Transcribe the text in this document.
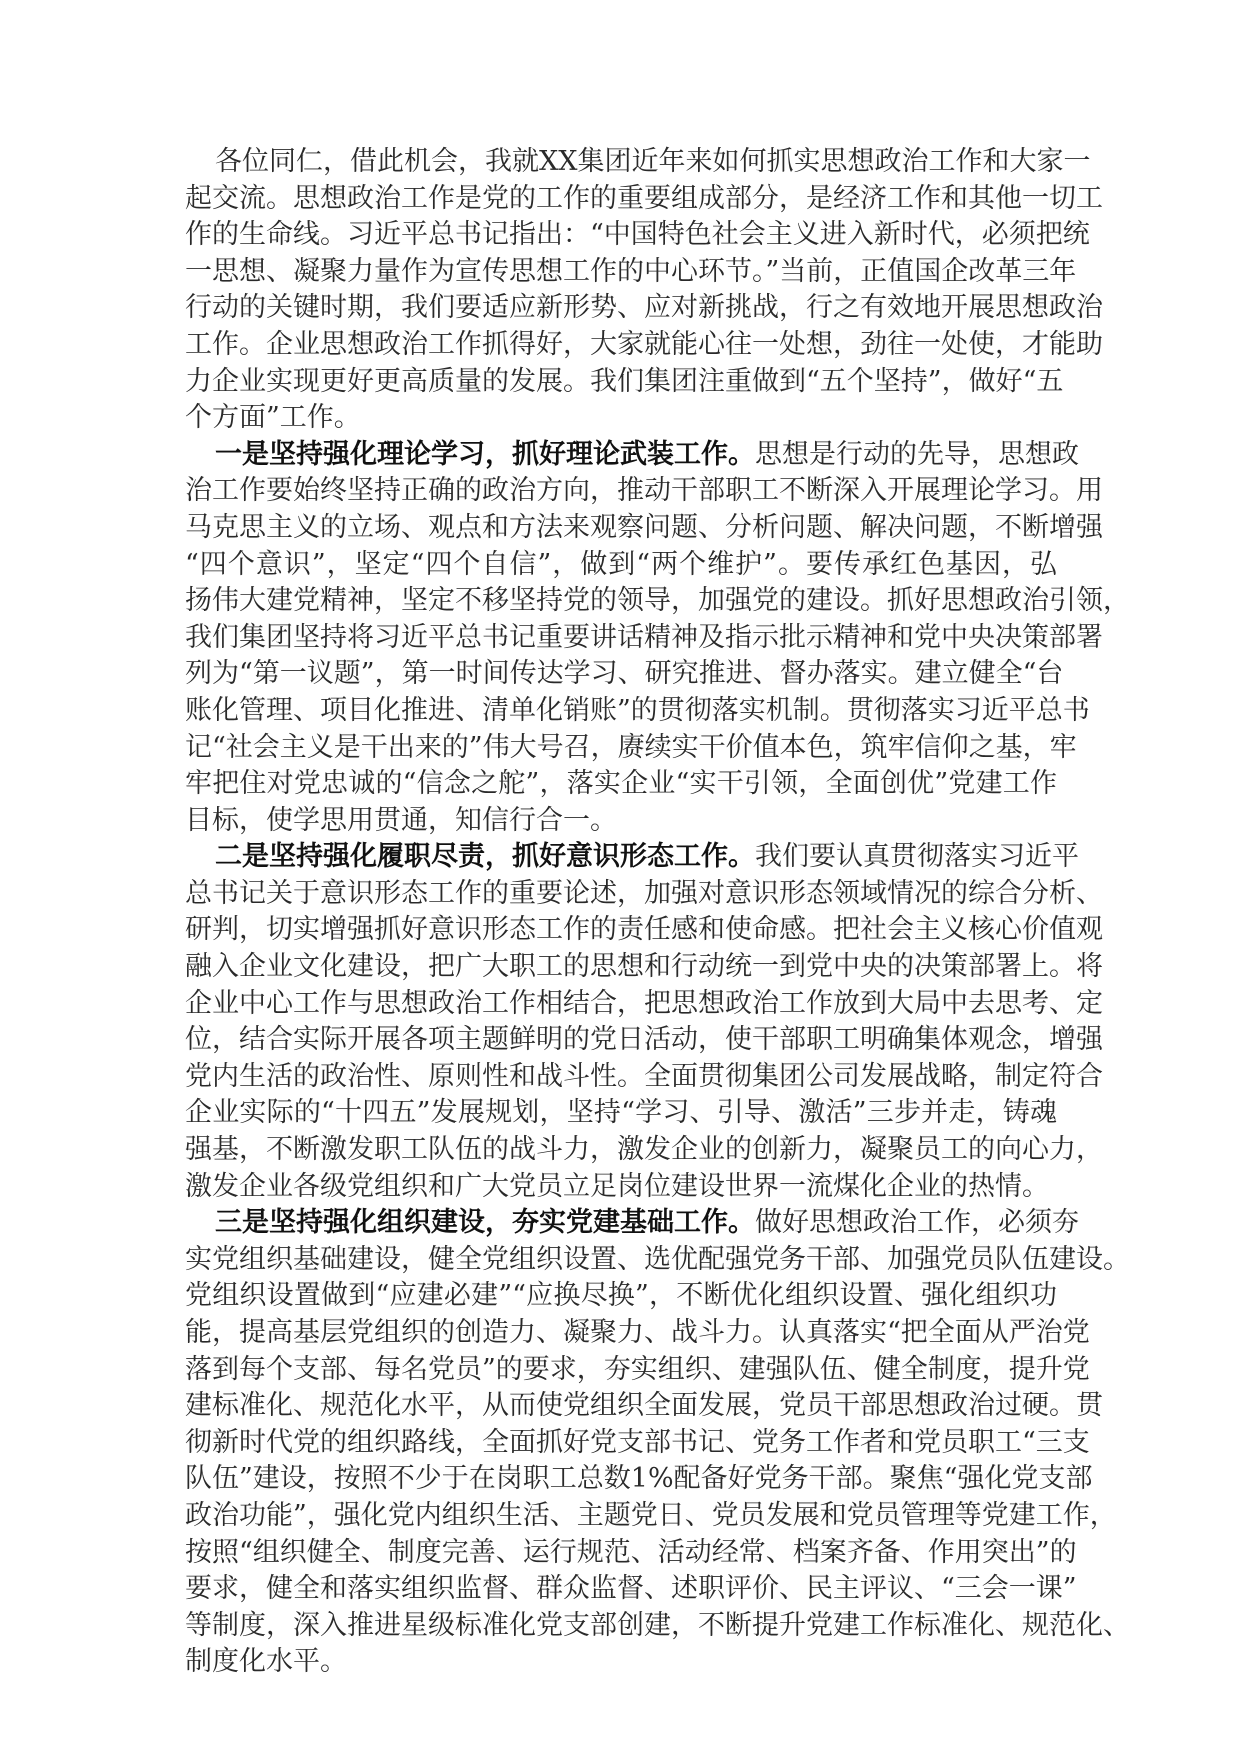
各位同仁，借此机会，我就XX集团近年来如何抓实思想政治工作和大家一
起交流。思想政治工作是党的工作的重要组成部分，是经济工作和其他一切工
作的生命线。习近平总书记指出：“中国特色社会主义进入新时代，必须把统
一思想、凝聚力量作为宣传思想工作的中心环节。”当前，正值国企改革三年
行动的关键时期，我们要适应新形势、应对新挑战，行之有效地开展思想政治
工作。企业思想政治工作抓得好，大家就能心往一处想，劲往一处使，才能助
力企业实现更好更高质量的发展。我们集团注重做到“五个坚持”，做好“五
个方面”工作。
一是坚持强化理论学习，抓好理论武装工作。思想是行动的先导，思想政
治工作要始终坚持正确的政治方向，推动干部职工不断深入开展理论学习。用
马克思主义的立场、观点和方法来观察问题、分析问题、解决问题，不断增强
“四个意识”，坚定“四个自信”，做到“两个维护”。要传承红色基因，弘
扬伟大建党精神，坚定不移坚持党的领导，加强党的建设。抓好思想政治引领，
我们集团坚持将习近平总书记重要讲话精神及指示批示精神和党中央决策部署
列为“第一议题”，第一时间传达学习、研究推进、督办落实。建立健全“台
账化管理、项目化推进、清单化销账”的贯彻落实机制。贯彻落实习近平总书
记“社会主义是干出来的”伟大号召，赓续实干价值本色，筑牢信仰之基，牢
牢把住对党忠诚的“信念之舵”，落实企业“实干引领，全面创优”党建工作
目标，使学思用贯通，知信行合一。
二是坚持强化履职尽责，抓好意识形态工作。我们要认真贯彻落实习近平
总书记关于意识形态工作的重要论述，加强对意识形态领域情况的综合分析、
研判，切实增强抓好意识形态工作的责任感和使命感。把社会主义核心价值观
融入企业文化建设，把广大职工的思想和行动统一到党中央的决策部署上。将
企业中心工作与思想政治工作相结合，把思想政治工作放到大局中去思考、定
位，结合实际开展各项主题鲜明的党日活动，使干部职工明确集体观念，增强
党内生活的政治性、原则性和战斗性。全面贯彻集团公司发展战略，制定符合
企业实际的“十四五”发展规划，坚持“学习、引导、激活”三步并走，铸魂
强基，不断激发职工队伍的战斗力，激发企业的创新力，凝聚员工的向心力，
激发企业各级党组织和广大党员立足岗位建设世界一流煤化企业的热情。
三是坚持强化组织建设，夯实党建基础工作。做好思想政治工作，必须夯
实党组织基础建设，健全党组织设置、选优配强党务干部、加强党员队伍建设。
党组织设置做到“应建必建”“应换尽换”，不断优化组织设置、强化组织功
能，提高基层党组织的创造力、凝聚力、战斗力。认真落实“把全面从严治党
落到每个支部、每名党员”的要求，夯实组织、建强队伍、健全制度，提升党
建标准化、规范化水平，从而使党组织全面发展，党员干部思想政治过硬。贯
彻新时代党的组织路线，全面抓好党支部书记、党务工作者和党员职工“三支
队伍”建设，按照不少于在岗职工总数1%配备好党务干部。聚焦“强化党支部
政治功能”，强化党内组织生活、主题党日、党员发展和党员管理等党建工作，
按照“组织健全、制度完善、运行规范、活动经常、档案齐备、作用突出”的
要求，健全和落实组织监督、群众监督、述职评价、民主评议、“三会一课”
等制度，深入推进星级标准化党支部创建，不断提升党建工作标准化、规范化、
制度化水平。
